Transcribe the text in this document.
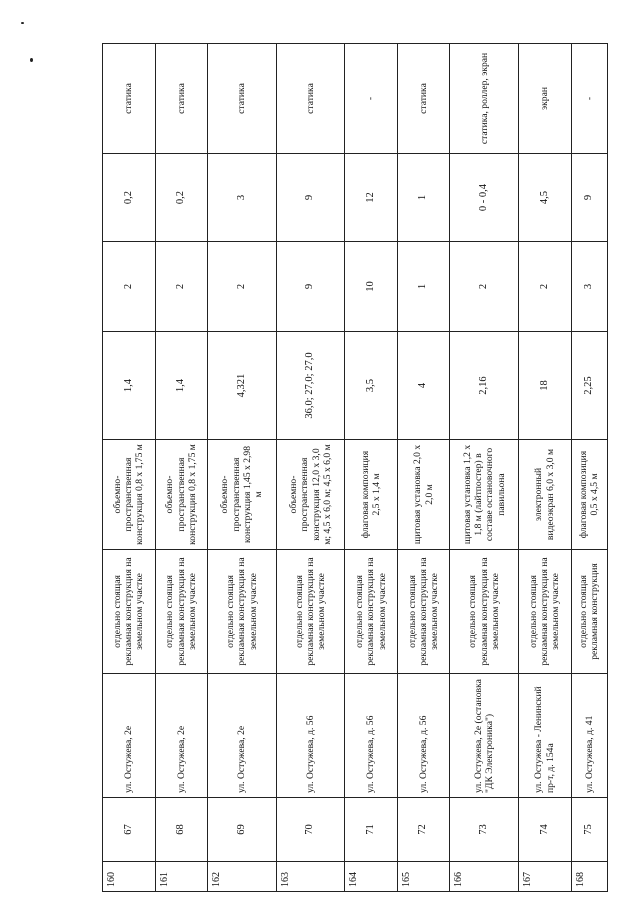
160	67	ул. Остужева, 2е	отдельно стоящая рекламная конструкция на земельном участке	объемно-пространственная конструкция 0,8 х 1,75 м	1,4	2	0,2	статика
161	68	ул. Остужева, 2е	отдельно стоящая рекламная конструкция на земельном участке	объемно-пространственная конструкция 0,8 х 1,75 м	1,4	2	0,2	статика
162	69	ул. Остужева, 2е	отдельно стоящая рекламная конструкция на земельном участке	объемно-пространственная конструкция 1,45 х 2,98 м	4,321	2	3	статика
163	70	ул. Остужева, д. 56	отдельно стоящая рекламная конструкция на земельном участке	объемно-пространственная конструкция 12,0 х 3,0 м; 4,5 х 6,0 м; 4,5 х 6,0 м	36,0; 27,0; 27,0	9	9	статика
164	71	ул. Остужева, д. 56	отдельно стоящая рекламная конструкция на земельном участке	флаговая композиция 2,5 х 1,4 м	3,5	10	12	-
165	72	ул. Остужева, д. 56	отдельно стоящая рекламная конструкция на земельном участке	щитовая установка 2,0 х 2,0 м	4	1	1	статика
166	73	ул. Остужева, 2е (остановка "ДК Электроника")	отдельно стоящая рекламная конструкция на земельном участке	щитовая установка 1,2 х 1,8 м (лайтпостер) в составе остановочного павильона	2,16	2	0 - 0,4	статика, роллер, экран
167	74	ул. Остужева - Ленинский пр-т, д. 154а	отдельно стоящая рекламная конструкция на земельном участке	электронный видеоэкран 6,0 х 3,0 м	18	2	4,5	экран
168	75	ул. Остужева, д. 41	отдельно стоящая рекламная конструкция	флаговая композиция 0,5 х 4,5 м	2,25	3	9	-
